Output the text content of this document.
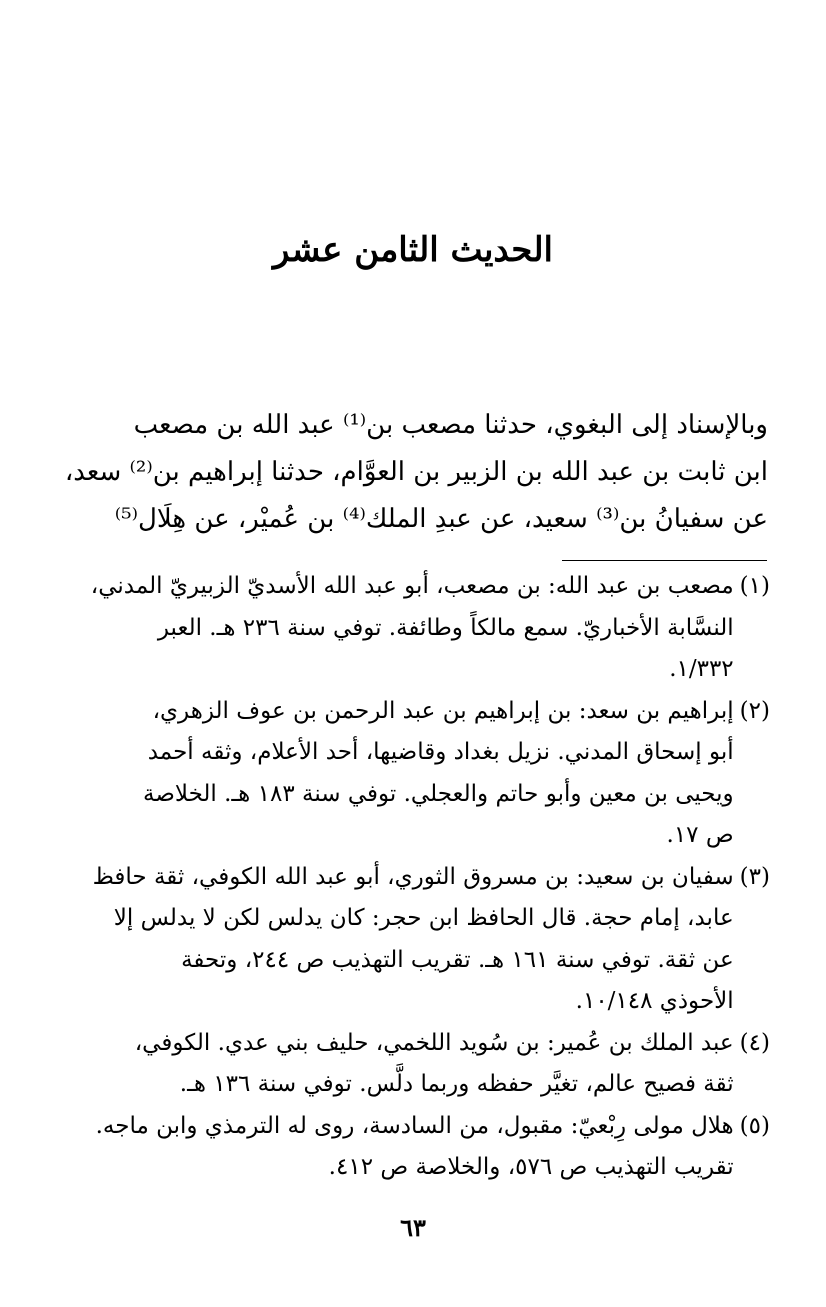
الحديث الثامن عشر

وبالإسناد إلى البغوي، حدثنا مصعب بن⁽¹⁾ عبد الله بن مصعب

ابن ثابت بن عبد الله بن الزبير بن العوَّام، حدثنا إبراهيم بن⁽²⁾ سعد،

عن سفيانُ بن⁽³⁾ سعيد، عن عبدِ الملك⁽⁴⁾ بن عُميْر، عن هِلَال⁽⁵⁾

(١)
مصعب بن عبد الله: بن مصعب، أبو عبد الله الأسديّ الزبيريّ المدني،
النسَّابة الأخباريّ. سمع مالكاً وطائفة. توفي سنة ٢٣٦ هـ. العبر
١/٣٣٢.
(٢)
إبراهيم بن سعد: بن إبراهيم بن عبد الرحمن بن عوف الزهري،
أبو إسحاق المدني. نزيل بغداد وقاضيها، أحد الأعلام، وثقه أحمد
ويحيى بن معين وأبو حاتم والعجلي. توفي سنة ١٨٣ هـ. الخلاصة
ص ١٧.
(٣)
سفيان بن سعيد: بن مسروق الثوري، أبو عبد الله الكوفي، ثقة حافظ
عابد، إمام حجة. قال الحافظ ابن حجر: كان يدلس لكن لا يدلس إلا
عن ثقة. توفي سنة ١٦١ هـ. تقريب التهذيب ص ٢٤٤، وتحفة
الأحوذي ١٠/١٤٨.
(٤)
عبد الملك بن عُمير: بن سُويد اللخمي، حليف بني عدي. الكوفي،
ثقة فصيح عالم، تغيَّر حفظه وربما دلَّس. توفي سنة ١٣٦ هـ.
(٥)
هلال مولى رِبْعيّ: مقبول، من السادسة، روى له الترمذي وابن ماجه.
تقريب التهذيب ص ٥٧٦، والخلاصة ص ٤١٢.
٦٣
